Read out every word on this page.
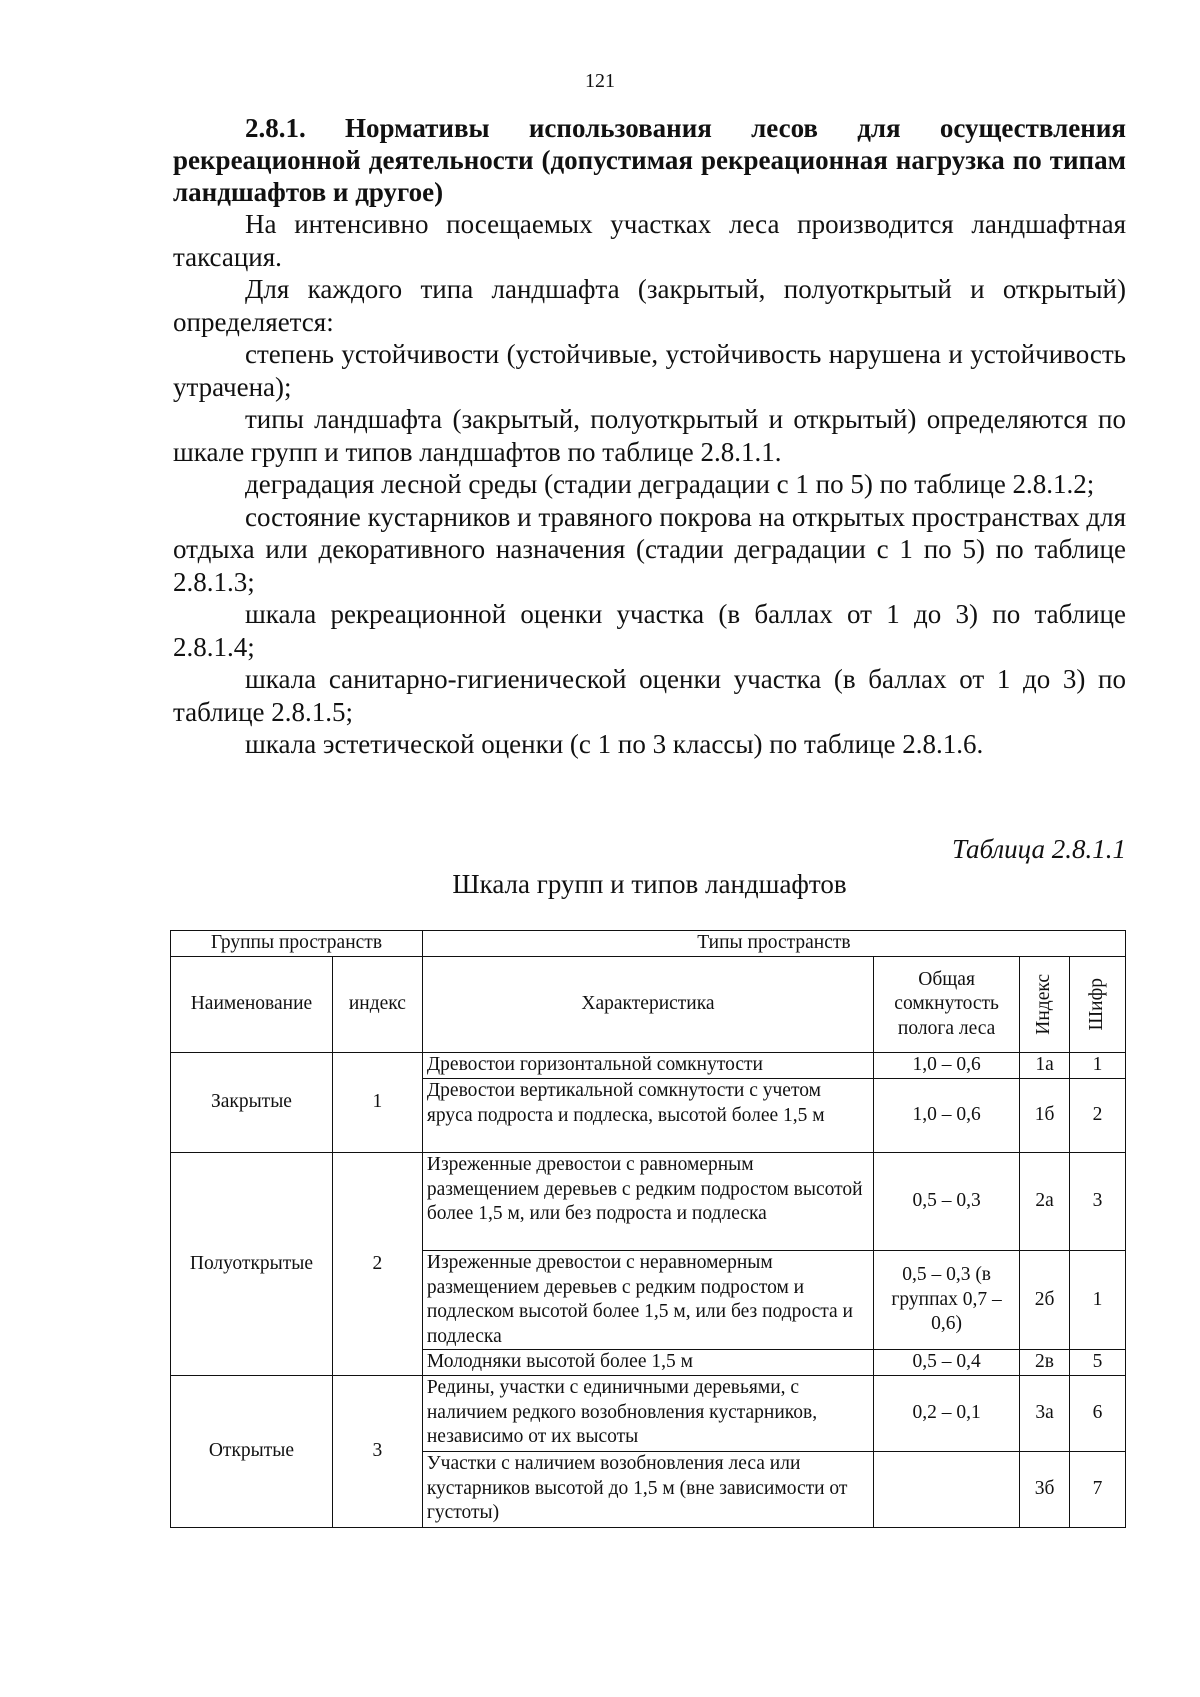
121

2.8.1. Нормативы использования лесов для осуществления рекреационной деятельности (допустимая рекреационная нагрузка по типам ландшафтов и другое)

На интенсивно посещаемых участках леса производится ландшафтная таксация.

Для каждого типа ландшафта (закрытый, полуоткрытый и открытый) определяется:

степень устойчивости (устойчивые, устойчивость нарушена и устойчивость утрачена);

типы ландшафта (закрытый, полуоткрытый и открытый) определяются по шкале групп и типов ландшафтов по таблице 2.8.1.1.

деградация лесной среды (стадии деградации с 1 по 5) по таблице 2.8.1.2;

состояние кустарников и травяного покрова на открытых пространствах для отдыха или декоративного назначения (стадии деградации с 1 по 5) по таблице 2.8.1.3;

шкала рекреационной оценки участка (в баллах от 1 до 3) по таблице 2.8.1.4;

шкала санитарно-гигиенической оценки участка (в баллах от 1 до 3) по таблице 2.8.1.5;

шкала эстетической оценки (с 1 по 3 классы) по таблице 2.8.1.6.

Таблица 2.8.1.1
Шкала групп и типов ландшафтов
Группы пространств		Типы пространств			
Наименование	индекс	Характеристика	Общая сомкнутость полога леса	Индекс	Шифр

Закрытые	1	Древостои горизонтальной сомкнутости	1,0 – 0,6	1а	1
		Древостои вертикальной сомкнутости с учетом яруса подроста и подлеска, высотой более 1,5 м	1,0 – 0,6	1б	2
Полуоткрытые	2	Изреженные древостои с равномерным размещением деревьев с редким подростом высотой более 1,5 м, или без подроста и подлеска	0,5 – 0,3	2а	3
		Изреженные древостои с неравномерным размещением деревьев с редким подростом и подлеском высотой более 1,5 м, или без подроста и подлеска	0,5 – 0,3 (в группах 0,7 – 0,6)	2б	1
		Молодняки высотой более 1,5 м	0,5 – 0,4	2в	5
Открытые	3	Редины, участки с единичными деревьями, с наличием редкого возобновления кустарников, независимо от их высоты	0,2 – 0,1	3а	6
		Участки с наличием возобновления леса или кустарников высотой до 1,5 м (вне зависимости от густоты)		3б	7
